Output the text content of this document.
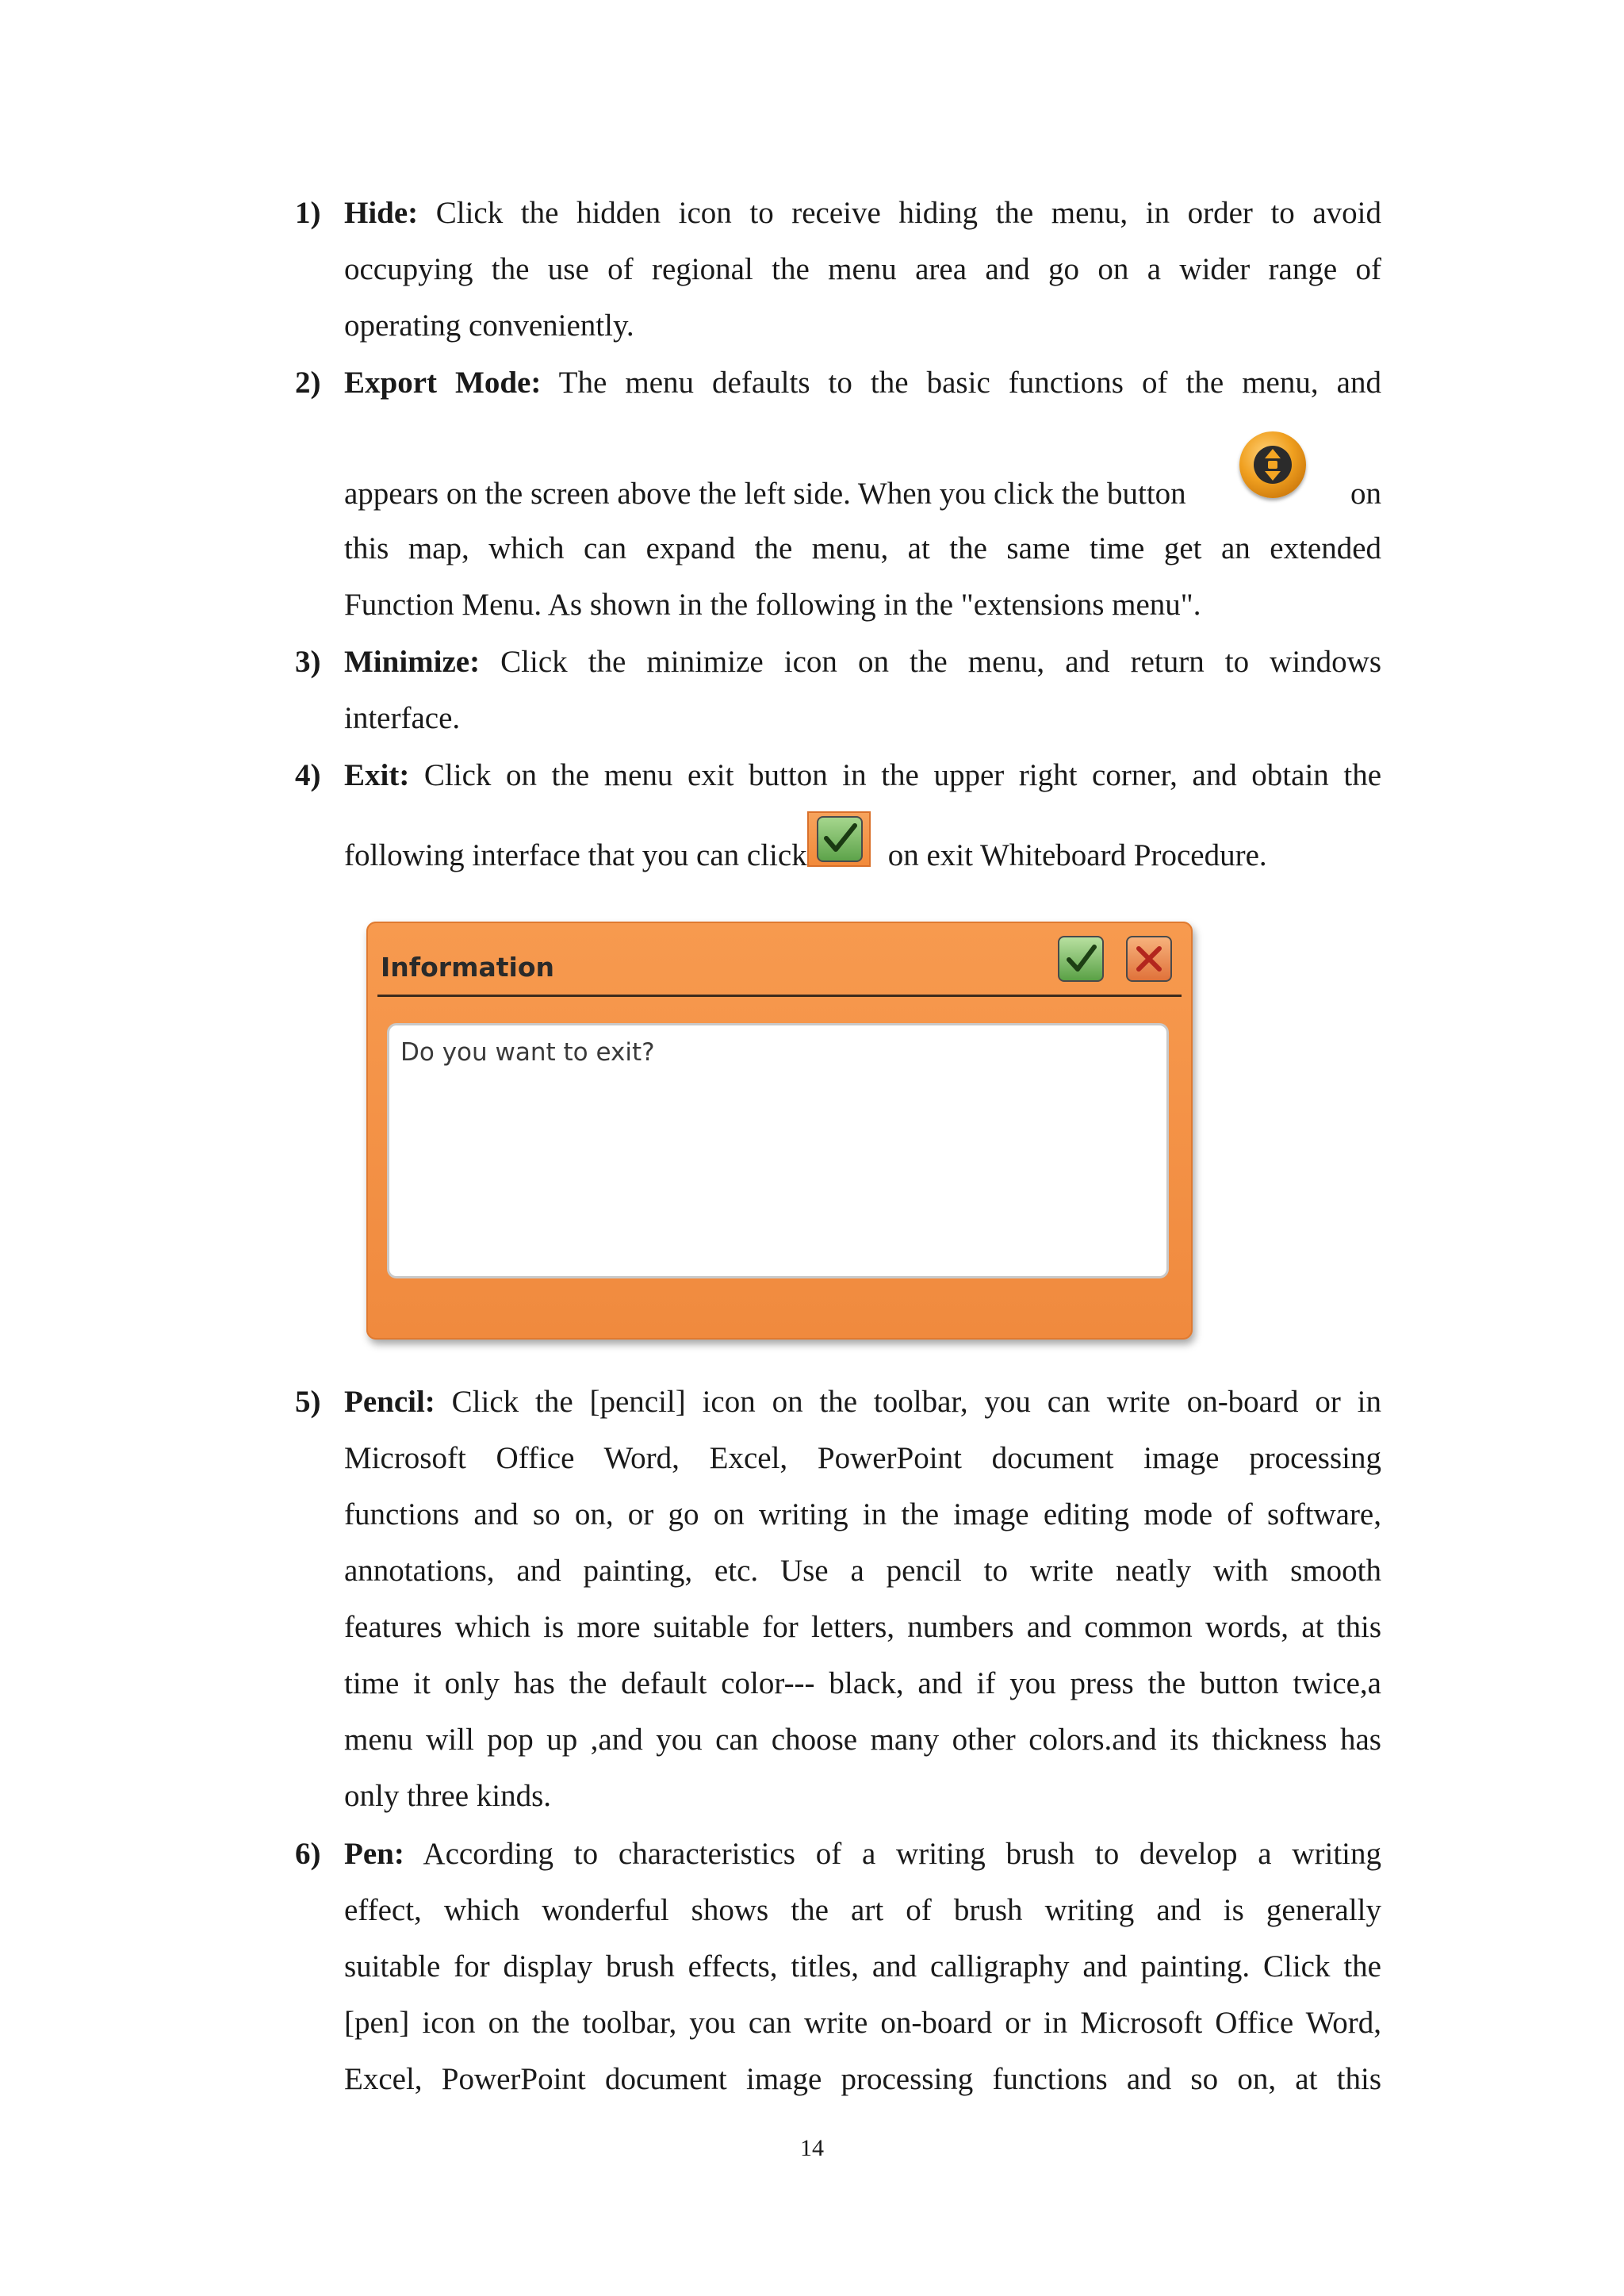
1) Hide: Click the hidden icon to receive hiding the menu, in order to avoid
occupying the use of regional the menu area and go on a wider range of
operating conveniently.
2) Export Mode: The menu defaults to the basic functions of the menu, and
appears on the screen above the left side. When you click the button	on
this map, which can expand the menu, at the same time get an extended
Function Menu. As shown in the following in the "extensions menu".
3) Minimize: Click the minimize icon on the menu, and return to windows
interface.
4) Exit: Click on the menu exit button in the upper right corner, and obtain the
following interface that you can click	on exit Whiteboard Procedure.
Information
Do you want to exit?
5) Pencil: Click the [pencil] icon on the toolbar, you can write on-board or in
Microsoft Office Word, Excel, PowerPoint document image processing
functions and so on, or go on writing in the image editing mode of software,
annotations, and painting, etc. Use a pencil to write neatly with smooth
features which is more suitable for letters, numbers and common words, at this
time it only has the default color--- black, and if you press the button twice,a
menu will pop up ,and you can choose many other colors.and its thickness has
only three kinds.
6) Pen: According to characteristics of a writing brush to develop a writing
effect, which wonderful shows the art of brush writing and is generally
suitable for display brush effects, titles, and calligraphy and painting. Click the
[pen] icon on the toolbar, you can write on-board or in Microsoft Office Word,
Excel, PowerPoint document image processing functions and so on, at this
14
